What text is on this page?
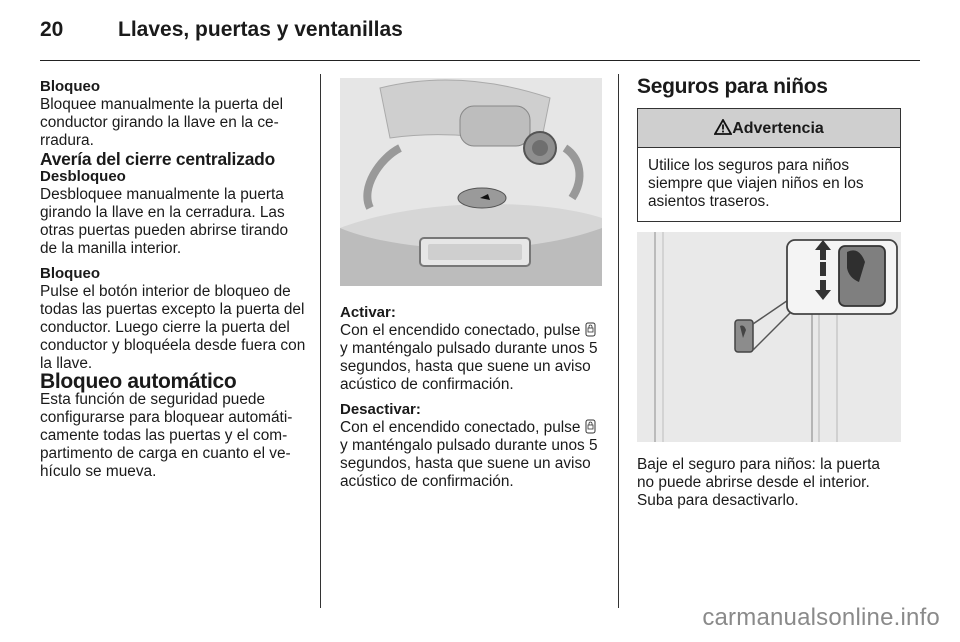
20	Llaves, puertas y ventanillas

Bloqueo

Bloquee manualmente la puerta del conductor girando la llave en la ce- rradura.

Avería del cierre centralizado

Desbloqueo

Desbloquee manualmente la puerta girando la llave en la cerradura. Las otras puertas pueden abrirse tirando de la manilla interior.

Bloqueo

Pulse el botón interior de bloqueo de todas las puertas excepto la puerta del conductor. Luego cierre la puerta del conductor y bloquéela desde fuera con la llave.

Bloqueo automático

Esta función de seguridad puede configurarse para bloquear automáti- camente todas las puertas y el com- partimento de carga en cuanto el ve- hículo se mueva.

Activar:

Con el encendido conectado, pulse y manténgalo pulsado durante unos 5 segundos, hasta que suene un aviso acústico de confirmación.

Desactivar:

Con el encendido conectado, pulse y manténgalo pulsado durante unos 5 segundos, hasta que suene un aviso acústico de confirmación.

Seguros para niños

Advertencia
Utilice los seguros para niños siempre que viajen niños en los asientos traseros.

Baje el seguro para niños: la puerta no puede abrirse desde el interior. Suba para desactivarlo.

carmanualsonline.info
